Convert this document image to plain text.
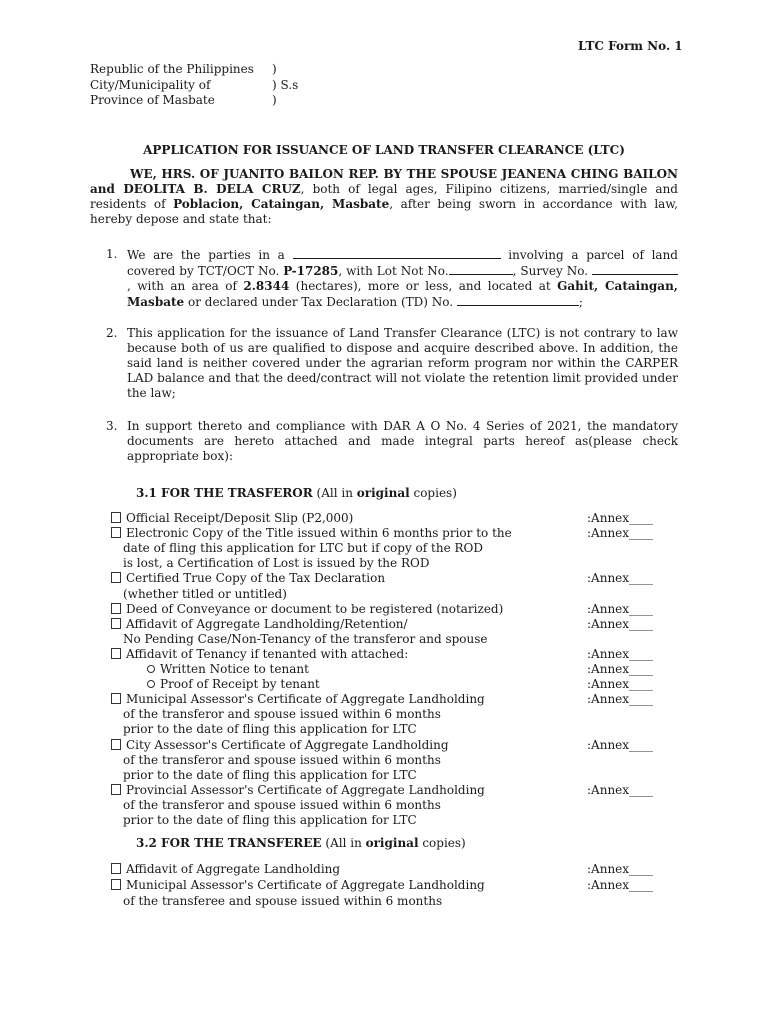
LTC Form No. 1
Republic of the Philippines	)
City/Municipality of	) S.s
Province of Masbate	)
APPLICATION FOR ISSUANCE OF LAND TRANSFER CLEARANCE (LTC)
WE, HRS. OF JUANITO BAILON REP. BY THE SPOUSE JEANENA CHING BAILON and DEOLITA B. DELA CRUZ, both of legal ages, Filipino citizens, married/single and residents of Poblacion, Cataingan, Masbate, after being sworn in accordance with law, hereby depose and state that:
1. We are the parties in a	involving a parcel of land covered by TCT/OCT No. P-17285, with Lot Not No.	, Survey No. , with an area of 2.8344 (hectares), more or less, and located at Gahit, Cataingan, Masbate or declared under Tax Declaration (TD) No.	;
2. This application for the issuance of Land Transfer Clearance (LTC) is not contrary to law because both of us are qualified to dispose and acquire described above. In addition, the said land is neither covered under the agrarian reform program nor within the CARPER LAD balance and that the deed/contract will not violate the retention limit provided under the law;
3. In support thereto and compliance with DAR A O No. 4 Series of 2021, the mandatory documents are hereto attached and made integral parts hereof as(please check appropriate box):
3.1 FOR THE TRASFEROR (All in original copies)
Official Receipt/Deposit Slip (P2,000)	:Annex____
Electronic Copy of the Title issued within 6 months prior to the	:Annex____
date of fling this application for LTC but if copy of the ROD
is lost, a Certification of Lost is issued by the ROD
Certified True Copy of the Tax Declaration	:Annex____
(whether titled or untitled)
Deed of Conveyance or document to be registered (notarized)	:Annex____
Affidavit of Aggregate Landholding/Retention/	:Annex____
No Pending Case/Non-Tenancy of the transferor and spouse
Affidavit of Tenancy if tenanted with attached:	:Annex____
Written Notice to tenant	:Annex____
Proof of Receipt by tenant	:Annex____
Municipal Assessor's Certificate of Aggregate Landholding	:Annex____
of the transferor and spouse issued within 6 months
prior to the date of fling this application for LTC
City Assessor's Certificate of Aggregate Landholding	:Annex____
of the transferor and spouse issued within 6 months
prior to the date of fling this application for LTC
Provincial Assessor's Certificate of Aggregate Landholding	:Annex____
of the transferor and spouse issued within 6 months
prior to the date of fling this application for LTC
3.2 FOR THE TRANSFEREE (All in original copies)
Affidavit of Aggregate Landholding	:Annex____
Municipal Assessor's Certificate of Aggregate Landholding	:Annex____
of the transferee and spouse issued within 6 months
